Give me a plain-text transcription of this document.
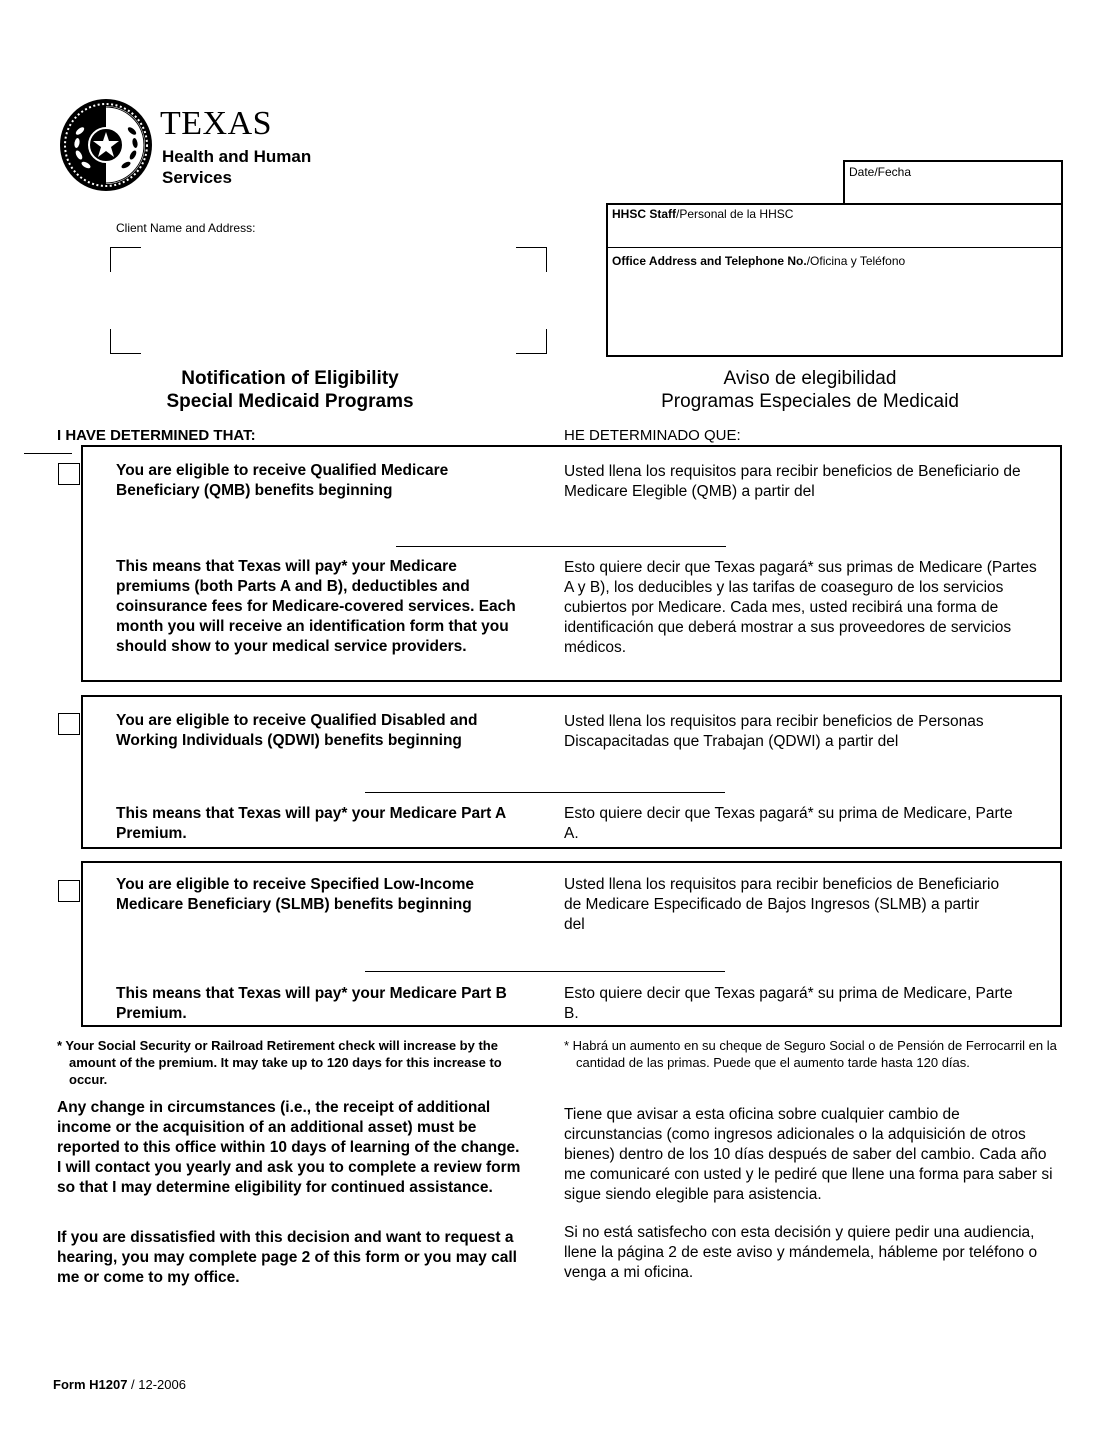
TEXAS
Health and Human
Services
Client Name and Address:
Date/Fecha
HHSC Staff/Personal de la HHSC
Office Address and Telephone No./Oficina y Teléfono
Notification of Eligibility
Special Medicaid Programs
Aviso de elegibilidad
Programas Especiales de Medicaid
I HAVE DETERMINED THAT:	HE DETERMINADO QUE:
You are eligible to receive Qualified Medicare Beneficiary (QMB) benefits beginning
Usted llena los requisitos para recibir beneficios de Beneficiario de Medicare Elegible (QMB) a partir del
This means that Texas will pay* your Medicare premiums (both Parts A and B), deductibles and coinsurance fees for Medicare-covered services. Each month you will receive an identification form that you should show to your medical service providers.
Esto quiere decir que Texas pagará* sus primas de Medicare (Partes A y B), los deducibles y las tarifas de coaseguro de los servicios cubiertos por Medicare. Cada mes, usted recibirá una forma de identificación que deberá mostrar a sus proveedores de servicios médicos.
You are eligible to receive Qualified Disabled and Working Individuals (QDWI) benefits beginning
Usted llena los requisitos para recibir beneficios de Personas Discapacitadas que Trabajan (QDWI) a partir del
This means that Texas will pay* your Medicare Part A Premium.
Esto quiere decir que Texas pagará* su prima de Medicare, Parte A.
You are eligible to receive Specified Low-Income Medicare Beneficiary (SLMB) benefits beginning
Usted llena los requisitos para recibir beneficios de Beneficiario de Medicare Especificado de Bajos Ingresos (SLMB) a partir del
This means that Texas will pay* your Medicare Part B Premium.
Esto quiere decir que Texas pagará* su prima de Medicare, Parte B.
* Your Social Security or Railroad Retirement check will increase by the amount of the premium. It may take up to 120 days for this increase to occur.
* Habrá un aumento en su cheque de Seguro Social o de Pensión de Ferrocarril en la cantidad de las primas. Puede que el aumento tarde hasta 120 días.
Any change in circumstances (i.e., the receipt of additional income or the acquisition of an additional asset) must be reported to this office within 10 days of learning of the change. I will contact you yearly and ask you to complete a review form so that I may determine eligibility for continued assistance.
Tiene que avisar a esta oficina sobre cualquier cambio de circunstancias (como ingresos adicionales o la adquisición de otros bienes) dentro de los 10 días después de saber del cambio. Cada año me comunicaré con usted y le pediré que llene una forma para saber si sigue siendo elegible para asistencia.
If you are dissatisfied with this decision and want to request a hearing, you may complete page 2 of this form or you may call me or come to my office.
Si no está satisfecho con esta decisión y quiere pedir una audiencia, llene la página 2 de este aviso y mándemela, hábleme por teléfono o venga a mi oficina.
Form H1207 / 12-2006
